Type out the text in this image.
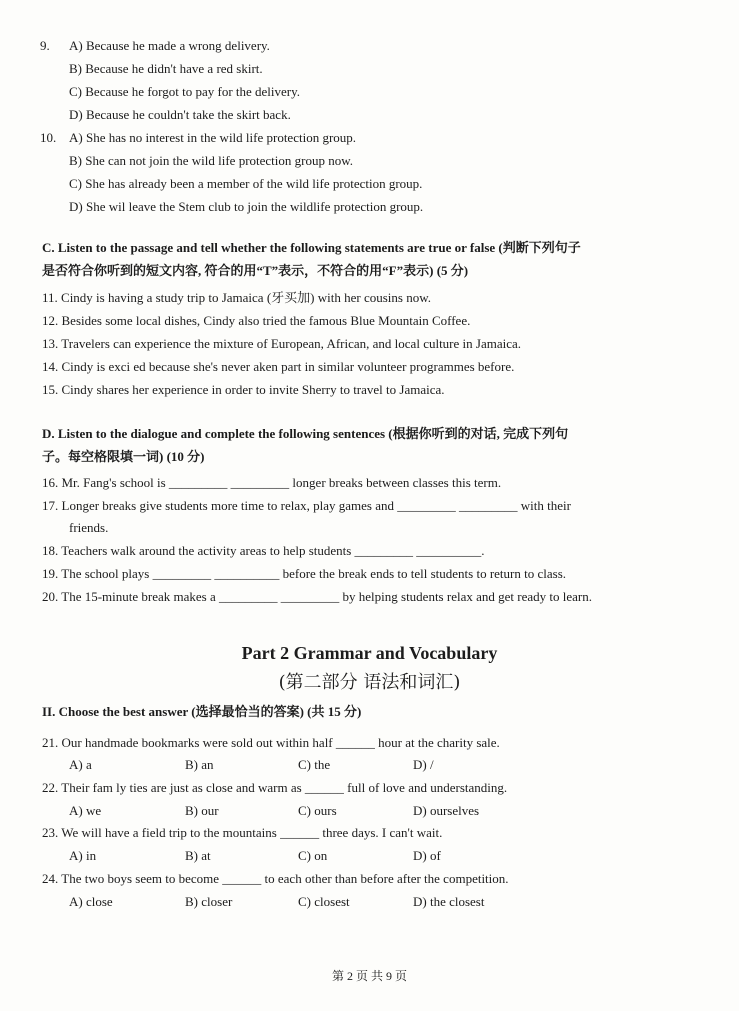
9. A) Because he made a wrong delivery.
B) Because he didn't have a red skirt.
C) Because he forgot to pay for the delivery.
D) Because he couldn't take the skirt back.
10. A) She has no interest in the wild life protection group.
B) She can not join the wild life protection group now.
C) She has already been a member of the wild life protection group.
D) She wil leave the Stem club to join the wildlife protection group.
C. Listen to the passage and tell whether the following statements are true or false (判断下列句子
是否符合你听到的短文内容, 符合的用“T”表示，不符合的用“F”表示) (5 分)
11. Cindy is having a study trip to Jamaica (牙买加) with her cousins now.
12. Besides some local dishes, Cindy also tried the famous Blue Mountain Coffee.
13. Travelers can experience the mixture of European, African, and local culture in Jamaica.
14. Cindy is exci ed because she's never aken part in similar volunteer programmes before.
15. Cindy shares her experience in order to invite Sherry to travel to Jamaica.
D. Listen to the dialogue and complete the following sentences (根据你听到的对话, 完成下列句
子。每空格限填一词) (10 分)
16. Mr. Fang's school is _________ _________ longer breaks between classes this term.
17. Longer breaks give students more time to relax, play games and _________ _________ with their
friends.
18. Teachers walk around the activity areas to help students _________ __________.
19. The school plays _________ __________ before the break ends to tell students to return to class.
20. The 15-minute break makes a _________ _________ by helping students relax and get ready to learn.
Part 2 Grammar and Vocabulary
(第二部分 语法和词汇)
II. Choose the best answer (选择最恰当的答案) (共 15 分)
21. Our handmade bookmarks were sold out within half ______ hour at the charity sale.
A) a	B) an	C) the	D) /
22. Their fam ly ties are just as close and warm as ______ full of love and understanding.
A) we	B) our	C) ours	D) ourselves
23. We will have a field trip to the mountains ______ three days. I can't wait.
A) in	B) at	C) on	D) of
24. The two boys seem to become ______ to each other than before after the competition.
A) close	B) closer	C) closest	D) the closest
第 2 页 共 9 页
